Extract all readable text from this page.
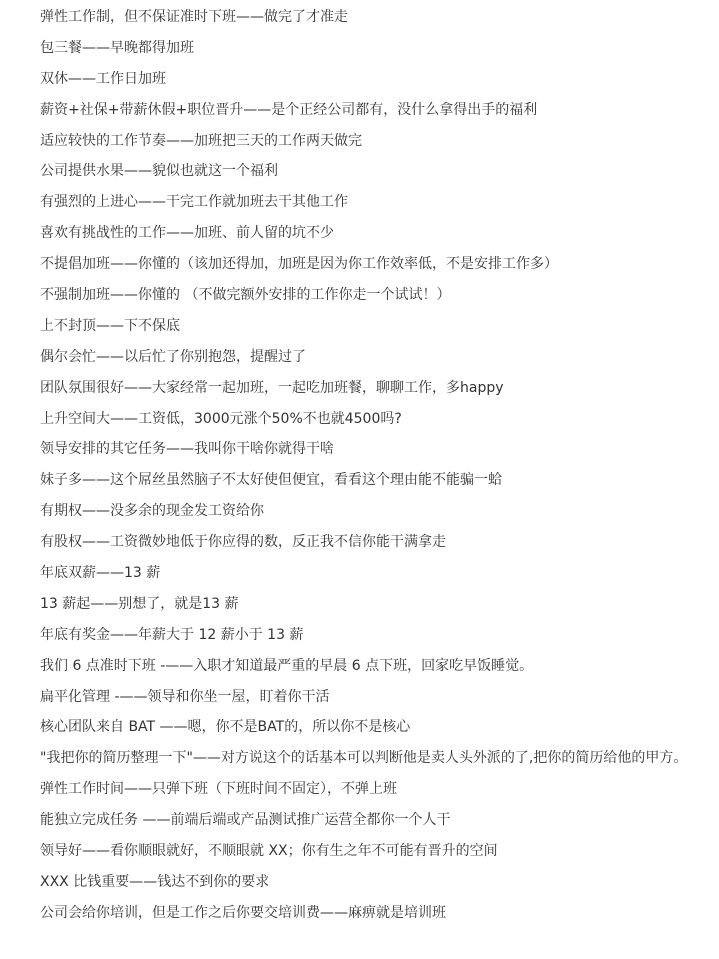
弹性工作制，但不保证准时下班——做完了才准走
包三餐——早晚都得加班
双休——工作日加班
薪资+社保+带薪休假+职位晋升——是个正经公司都有，没什么拿得出手的福利
适应较快的工作节奏——加班把三天的工作两天做完
公司提供水果——貌似也就这一个福利
有强烈的上进心——干完工作就加班去干其他工作
喜欢有挑战性的工作——加班、前人留的坑不少
不提倡加班——你懂的（该加还得加，加班是因为你工作效率低，不是安排工作多）
不强制加班——你懂的 （不做完额外安排的工作你走一个试试！）
上不封顶——下不保底
偶尔会忙——以后忙了你别抱怨，提醒过了
团队氛围很好——大家经常一起加班，一起吃加班餐，聊聊工作，多happy
上升空间大——工资低，3000元涨个50%不也就4500吗?
领导安排的其它任务——我叫你干啥你就得干啥
妹子多——这个屌丝虽然脑子不太好使但便宜，看看这个理由能不能骗一蛤
有期权——没多余的现金发工资给你
有股权——工资微妙地低于你应得的数，反正我不信你能干满拿走
年底双薪——13 薪
13 薪起——别想了，就是13 薪
年底有奖金——年薪大于 12 薪小于 13 薪
我们 6 点准时下班 -——入职才知道最严重的早晨 6 点下班，回家吃早饭睡觉。
扁平化管理 -——领导和你坐一屋，盯着你干活
核心团队来自 BAT ——嗯，你不是BAT的，所以你不是核心
"我把你的简历整理一下"——对方说这个的话基本可以判断他是卖人头外派的了,把你的简历给他的甲方。
弹性工作时间——只弹下班（下班时间不固定），不弹上班
能独立完成任务 ——前端后端或产品测试推广运营全都你一个人干
领导好——看你顺眼就好，不顺眼就 XX；你有生之年不可能有晋升的空间
XXX 比钱重要——钱达不到你的要求
公司会给你培训，但是工作之后你要交培训费——麻痹就是培训班
